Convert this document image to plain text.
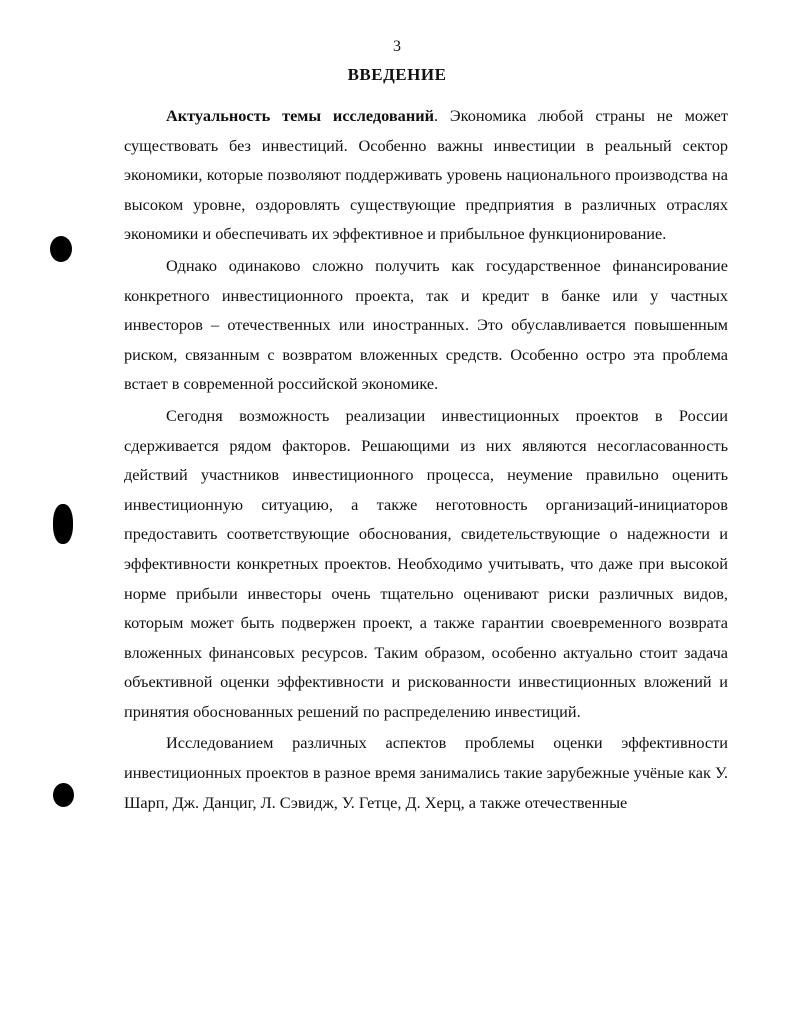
3
ВВЕДЕНИЕ

Актуальность темы исследований. Экономика любой страны не может существовать без инвестиций. Особенно важны инвестиции в реальный сектор экономики, которые позволяют поддерживать уровень национального производства на высоком уровне, оздоровлять существующие предприятия в различных отраслях экономики и обеспечивать их эффективное и прибыльное функционирование.

Однако одинаково сложно получить как государственное финансирование конкретного инвестиционного проекта, так и кредит в банке или у частных инвесторов – отечественных или иностранных. Это обуславливается повышенным риском, связанным с возвратом вложенных средств. Особенно остро эта проблема встает в современной российской экономике.

Сегодня возможность реализации инвестиционных проектов в России сдерживается рядом факторов. Решающими из них являются несогласованность действий участников инвестиционного процесса, неумение правильно оценить инвестиционную ситуацию, а также неготовность организаций-инициаторов предоставить соответствующие обоснования, свидетельствующие о надежности и эффективности конкретных проектов. Необходимо учитывать, что даже при высокой норме прибыли инвесторы очень тщательно оценивают риски различных видов, которым может быть подвержен проект, а также гарантии своевременного возврата вложенных финансовых ресурсов. Таким образом, особенно актуально стоит задача объективной оценки эффективности и рискованности инвестиционных вложений и принятия обоснованных решений по распределению инвестиций.

Исследованием различных аспектов проблемы оценки эффективности инвестиционных проектов в разное время занимались такие зарубежные учёные как У. Шарп, Дж. Данциг, Л. Сэвидж, У. Гетце, Д. Херц, а также отечественные
